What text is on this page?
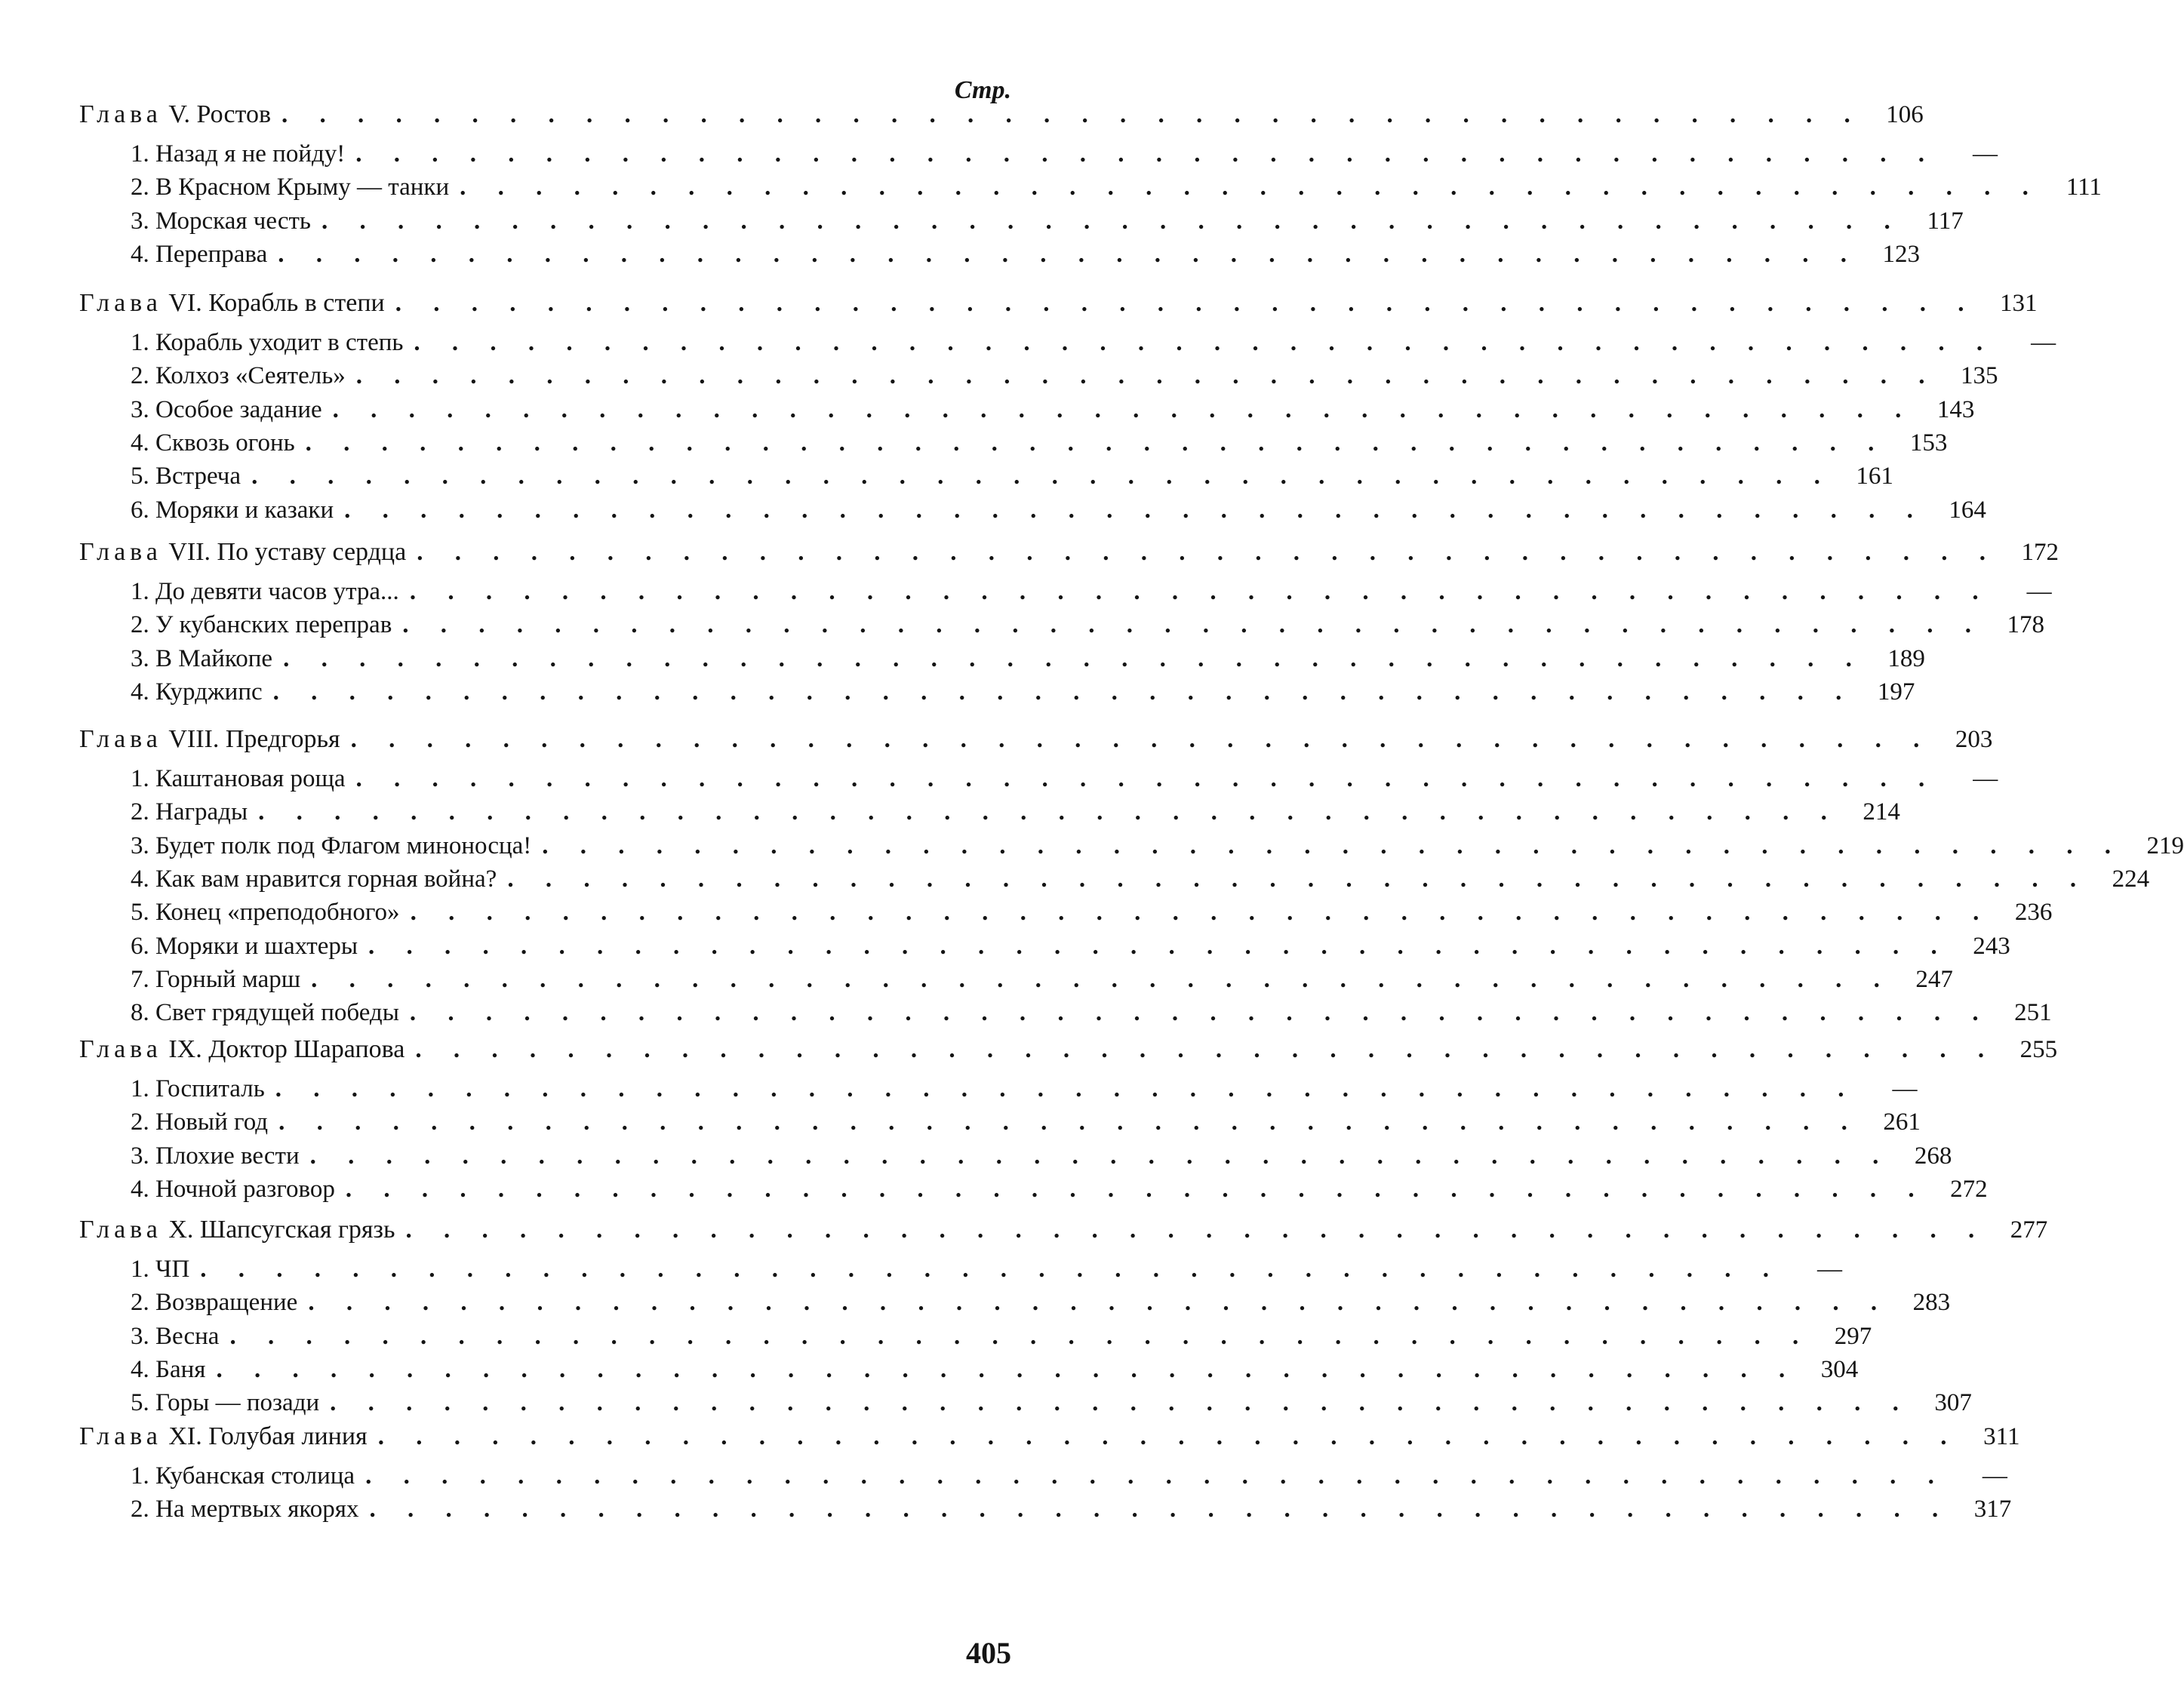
Стр.
Глава V. Ростов . . . . . . . . . . . . . . . . . . . . . . . . . . . . . . . . . . . . . . . . . . 106
1. Назад я не пойду! . . . . . . . . . . . . . . . . . . . . . . . . . . . . . . . . . . . . . . . . . .	—
2. В Красном Крыму — танки . . . . . . . . . . . . . . . . . . . . . . . . . . . . . . . . . . . . . . . . . . 111
3. Морская честь . . . . . . . . . . . . . . . . . . . . . . . . . . . . . . . . . . . . . . . . . . 117
4. Переправа . . . . . . . . . . . . . . . . . . . . . . . . . . . . . . . . . . . . . . . . . . 123
Глава VI. Корабль в степи . . . . . . . . . . . . . . . . . . . . . . . . . . . . . . . . . . . . . . . . . . 131
1. Корабль уходит в степь . . . . . . . . . . . . . . . . . . . . . . . . . . . . . . . . . . . . . . . . . .	—
2. Колхоз «Сеятель» . . . . . . . . . . . . . . . . . . . . . . . . . . . . . . . . . . . . . . . . . . 135
3. Особое задание . . . . . . . . . . . . . . . . . . . . . . . . . . . . . . . . . . . . . . . . . . 143
4. Сквозь огонь . . . . . . . . . . . . . . . . . . . . . . . . . . . . . . . . . . . . . . . . . . 153
5. Встреча . . . . . . . . . . . . . . . . . . . . . . . . . . . . . . . . . . . . . . . . . . 161
6. Моряки и казаки . . . . . . . . . . . . . . . . . . . . . . . . . . . . . . . . . . . . . . . . . . 164
Глава VII. По уставу сердца . . . . . . . . . . . . . . . . . . . . . . . . . . . . . . . . . . . . . . . . . . 172
1. До девяти часов утра... . . . . . . . . . . . . . . . . . . . . . . . . . . . . . . . . . . . . . . . . . .	—
2. У кубанских переправ . . . . . . . . . . . . . . . . . . . . . . . . . . . . . . . . . . . . . . . . . . 178
3. В Майкопе . . . . . . . . . . . . . . . . . . . . . . . . . . . . . . . . . . . . . . . . . . 189
4. Курджипс . . . . . . . . . . . . . . . . . . . . . . . . . . . . . . . . . . . . . . . . . . 197
Глава VIII. Предгорья . . . . . . . . . . . . . . . . . . . . . . . . . . . . . . . . . . . . . . . . . . 203
1. Каштановая роща . . . . . . . . . . . . . . . . . . . . . . . . . . . . . . . . . . . . . . . . . .	—
2. Награды . . . . . . . . . . . . . . . . . . . . . . . . . . . . . . . . . . . . . . . . . . 214
3. Будет полк под Флагом миноносца! . . . . . . . . . . . . . . . . . . . . . . . . . . . . . . . . . . . . . . . . . . 219
4. Как вам нравится горная война? . . . . . . . . . . . . . . . . . . . . . . . . . . . . . . . . . . . . . . . . . . 224
5. Конец «преподобного» . . . . . . . . . . . . . . . . . . . . . . . . . . . . . . . . . . . . . . . . . . 236
6. Моряки и шахтеры . . . . . . . . . . . . . . . . . . . . . . . . . . . . . . . . . . . . . . . . . . 243
7. Горный марш . . . . . . . . . . . . . . . . . . . . . . . . . . . . . . . . . . . . . . . . . . 247
8. Свет грядущей победы . . . . . . . . . . . . . . . . . . . . . . . . . . . . . . . . . . . . . . . . . . 251
Глава IX. Доктор Шарапова . . . . . . . . . . . . . . . . . . . . . . . . . . . . . . . . . . . . . . . . . . 255
1. Госпиталь . . . . . . . . . . . . . . . . . . . . . . . . . . . . . . . . . . . . . . . . . .	—
2. Новый год . . . . . . . . . . . . . . . . . . . . . . . . . . . . . . . . . . . . . . . . . . 261
3. Плохие вести . . . . . . . . . . . . . . . . . . . . . . . . . . . . . . . . . . . . . . . . . . 268
4. Ночной разговор . . . . . . . . . . . . . . . . . . . . . . . . . . . . . . . . . . . . . . . . . . 272
Глава X. Шапсугская грязь . . . . . . . . . . . . . . . . . . . . . . . . . . . . . . . . . . . . . . . . . . 277
1. ЧП . . . . . . . . . . . . . . . . . . . . . . . . . . . . . . . . . . . . . . . . . .	—
2. Возвращение . . . . . . . . . . . . . . . . . . . . . . . . . . . . . . . . . . . . . . . . . . 283
3. Весна . . . . . . . . . . . . . . . . . . . . . . . . . . . . . . . . . . . . . . . . . . 297
4. Баня . . . . . . . . . . . . . . . . . . . . . . . . . . . . . . . . . . . . . . . . . . 304
5. Горы — позади . . . . . . . . . . . . . . . . . . . . . . . . . . . . . . . . . . . . . . . . . . 307
Глава XI. Голубая линия . . . . . . . . . . . . . . . . . . . . . . . . . . . . . . . . . . . . . . . . . . 311
1. Кубанская столица . . . . . . . . . . . . . . . . . . . . . . . . . . . . . . . . . . . . . . . . . .	—
2. На мертвых якорях . . . . . . . . . . . . . . . . . . . . . . . . . . . . . . . . . . . . . . . . . . 317
405
